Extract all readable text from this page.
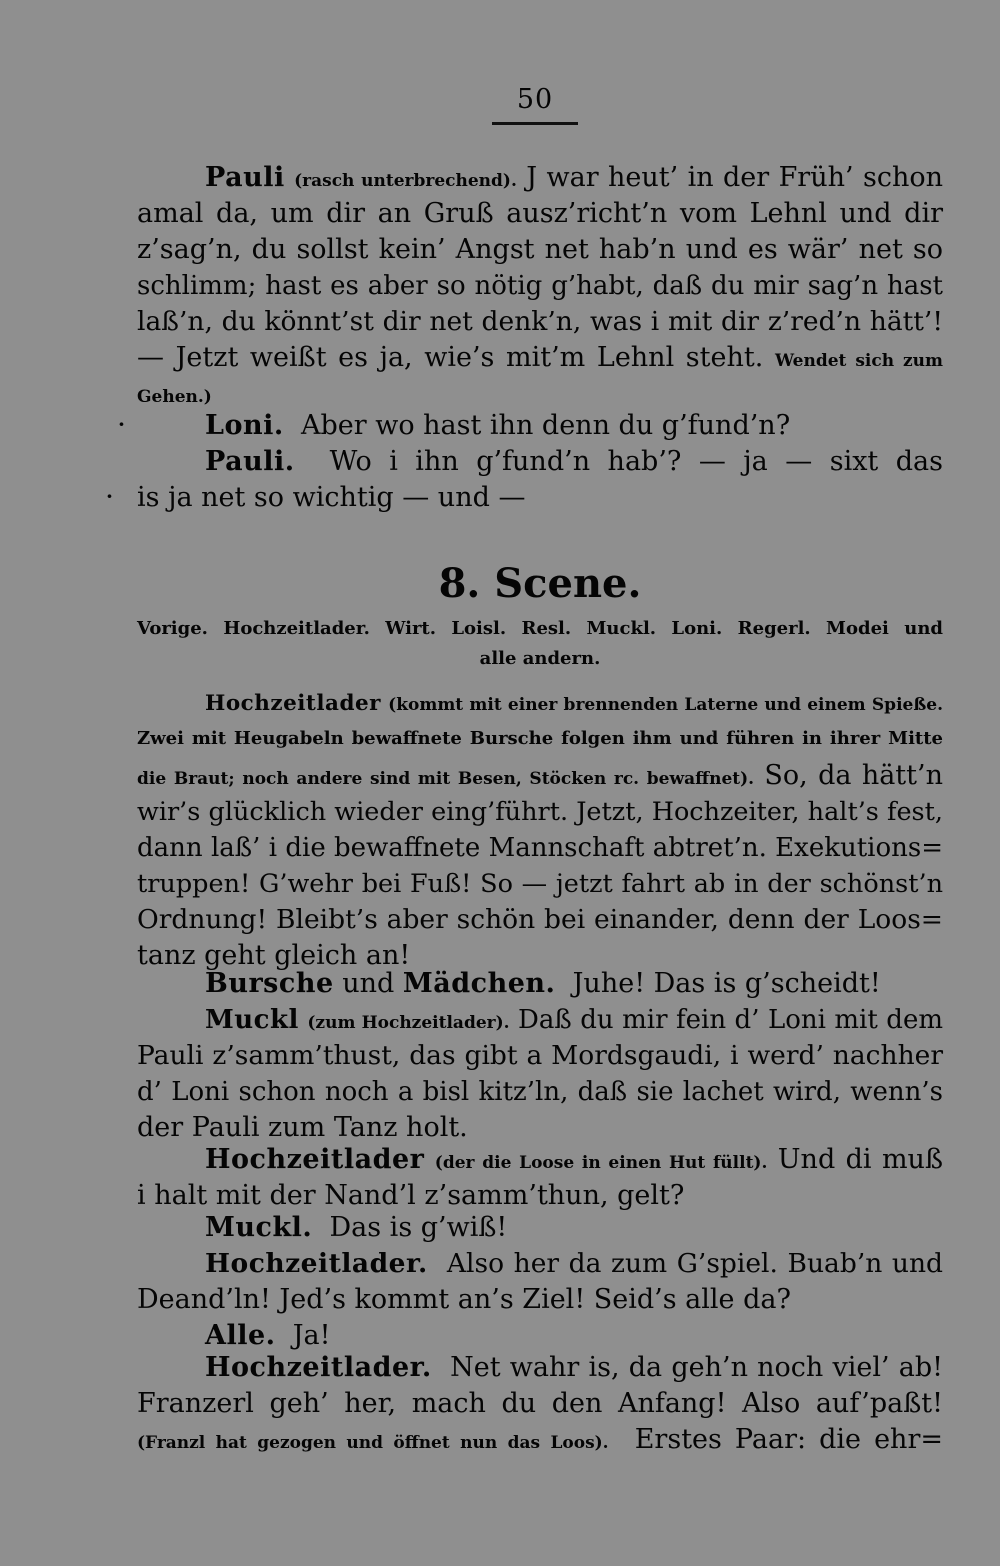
50
Pauli (rasch unterbrechend). J war heut’ in der Früh’ schon
amal da, um dir an Gruß ausz’richt’n vom Lehnl und dir
z’sag’n, du sollst kein’ Angst net hab’n und es wär’ net so
schlimm; hast es aber so nötig g’habt, daß du mir sag’n hast
laß’n, du könnt’st dir net denk’n, was i mit dir z’red’n hätt’!
— Jetzt weißt es ja, wie’s mit’m Lehnl steht. Wendet sich zum
Gehen.)
Loni. Aber wo hast ihn denn du g’fund’n?
Pauli. Wo i ihn g’fund’n hab’? — ja — sixt das
is ja net so wichtig — und —
8. Scene.
Vorige. Hochzeitlader. Wirt. Loisl. Resl. Muckl. Loni. Regerl. Modei und
alle andern.
Hochzeitlader (kommt mit einer brennenden Laterne und einem Spieße.
Zwei mit Heugabeln bewaffnete Bursche folgen ihm und führen in ihrer Mitte
die Braut; noch andere sind mit Besen, Stöcken rc. bewaffnet). So, da hätt’n
wir’s glücklich wieder eing’führt. Jetzt, Hochzeiter, halt’s fest,
dann laß’ i die bewaffnete Mannschaft abtret’n. Exekutions=
truppen! G’wehr bei Fuß! So — jetzt fahrt ab in der schönst’n
Ordnung! Bleibt’s aber schön bei einander, denn der Loos=
tanz geht gleich an!
Bursche und Mädchen. Juhe! Das is g’scheidt!
Muckl (zum Hochzeitlader). Daß du mir fein d’ Loni mit dem
Pauli z’samm’thust, das gibt a Mordsgaudi, i werd’ nachher
d’ Loni schon noch a bisl kitz’ln, daß sie lachet wird, wenn’s
der Pauli zum Tanz holt.
Hochzeitlader (der die Loose in einen Hut füllt). Und di muß
i halt mit der Nand’l z’samm’thun, gelt?
Muckl. Das is g’wiß!
Hochzeitlader. Also her da zum G’spiel. Buab’n und
Deand’ln! Jed’s kommt an’s Ziel! Seid’s alle da?
Alle. Ja!
Hochzeitlader. Net wahr is, da geh’n noch viel’ ab!
Franzerl geh’ her, mach du den Anfang! Also auf’paßt!
(Franzl hat gezogen und öffnet nun das Loos). Erstes Paar: die ehr=
·
·
